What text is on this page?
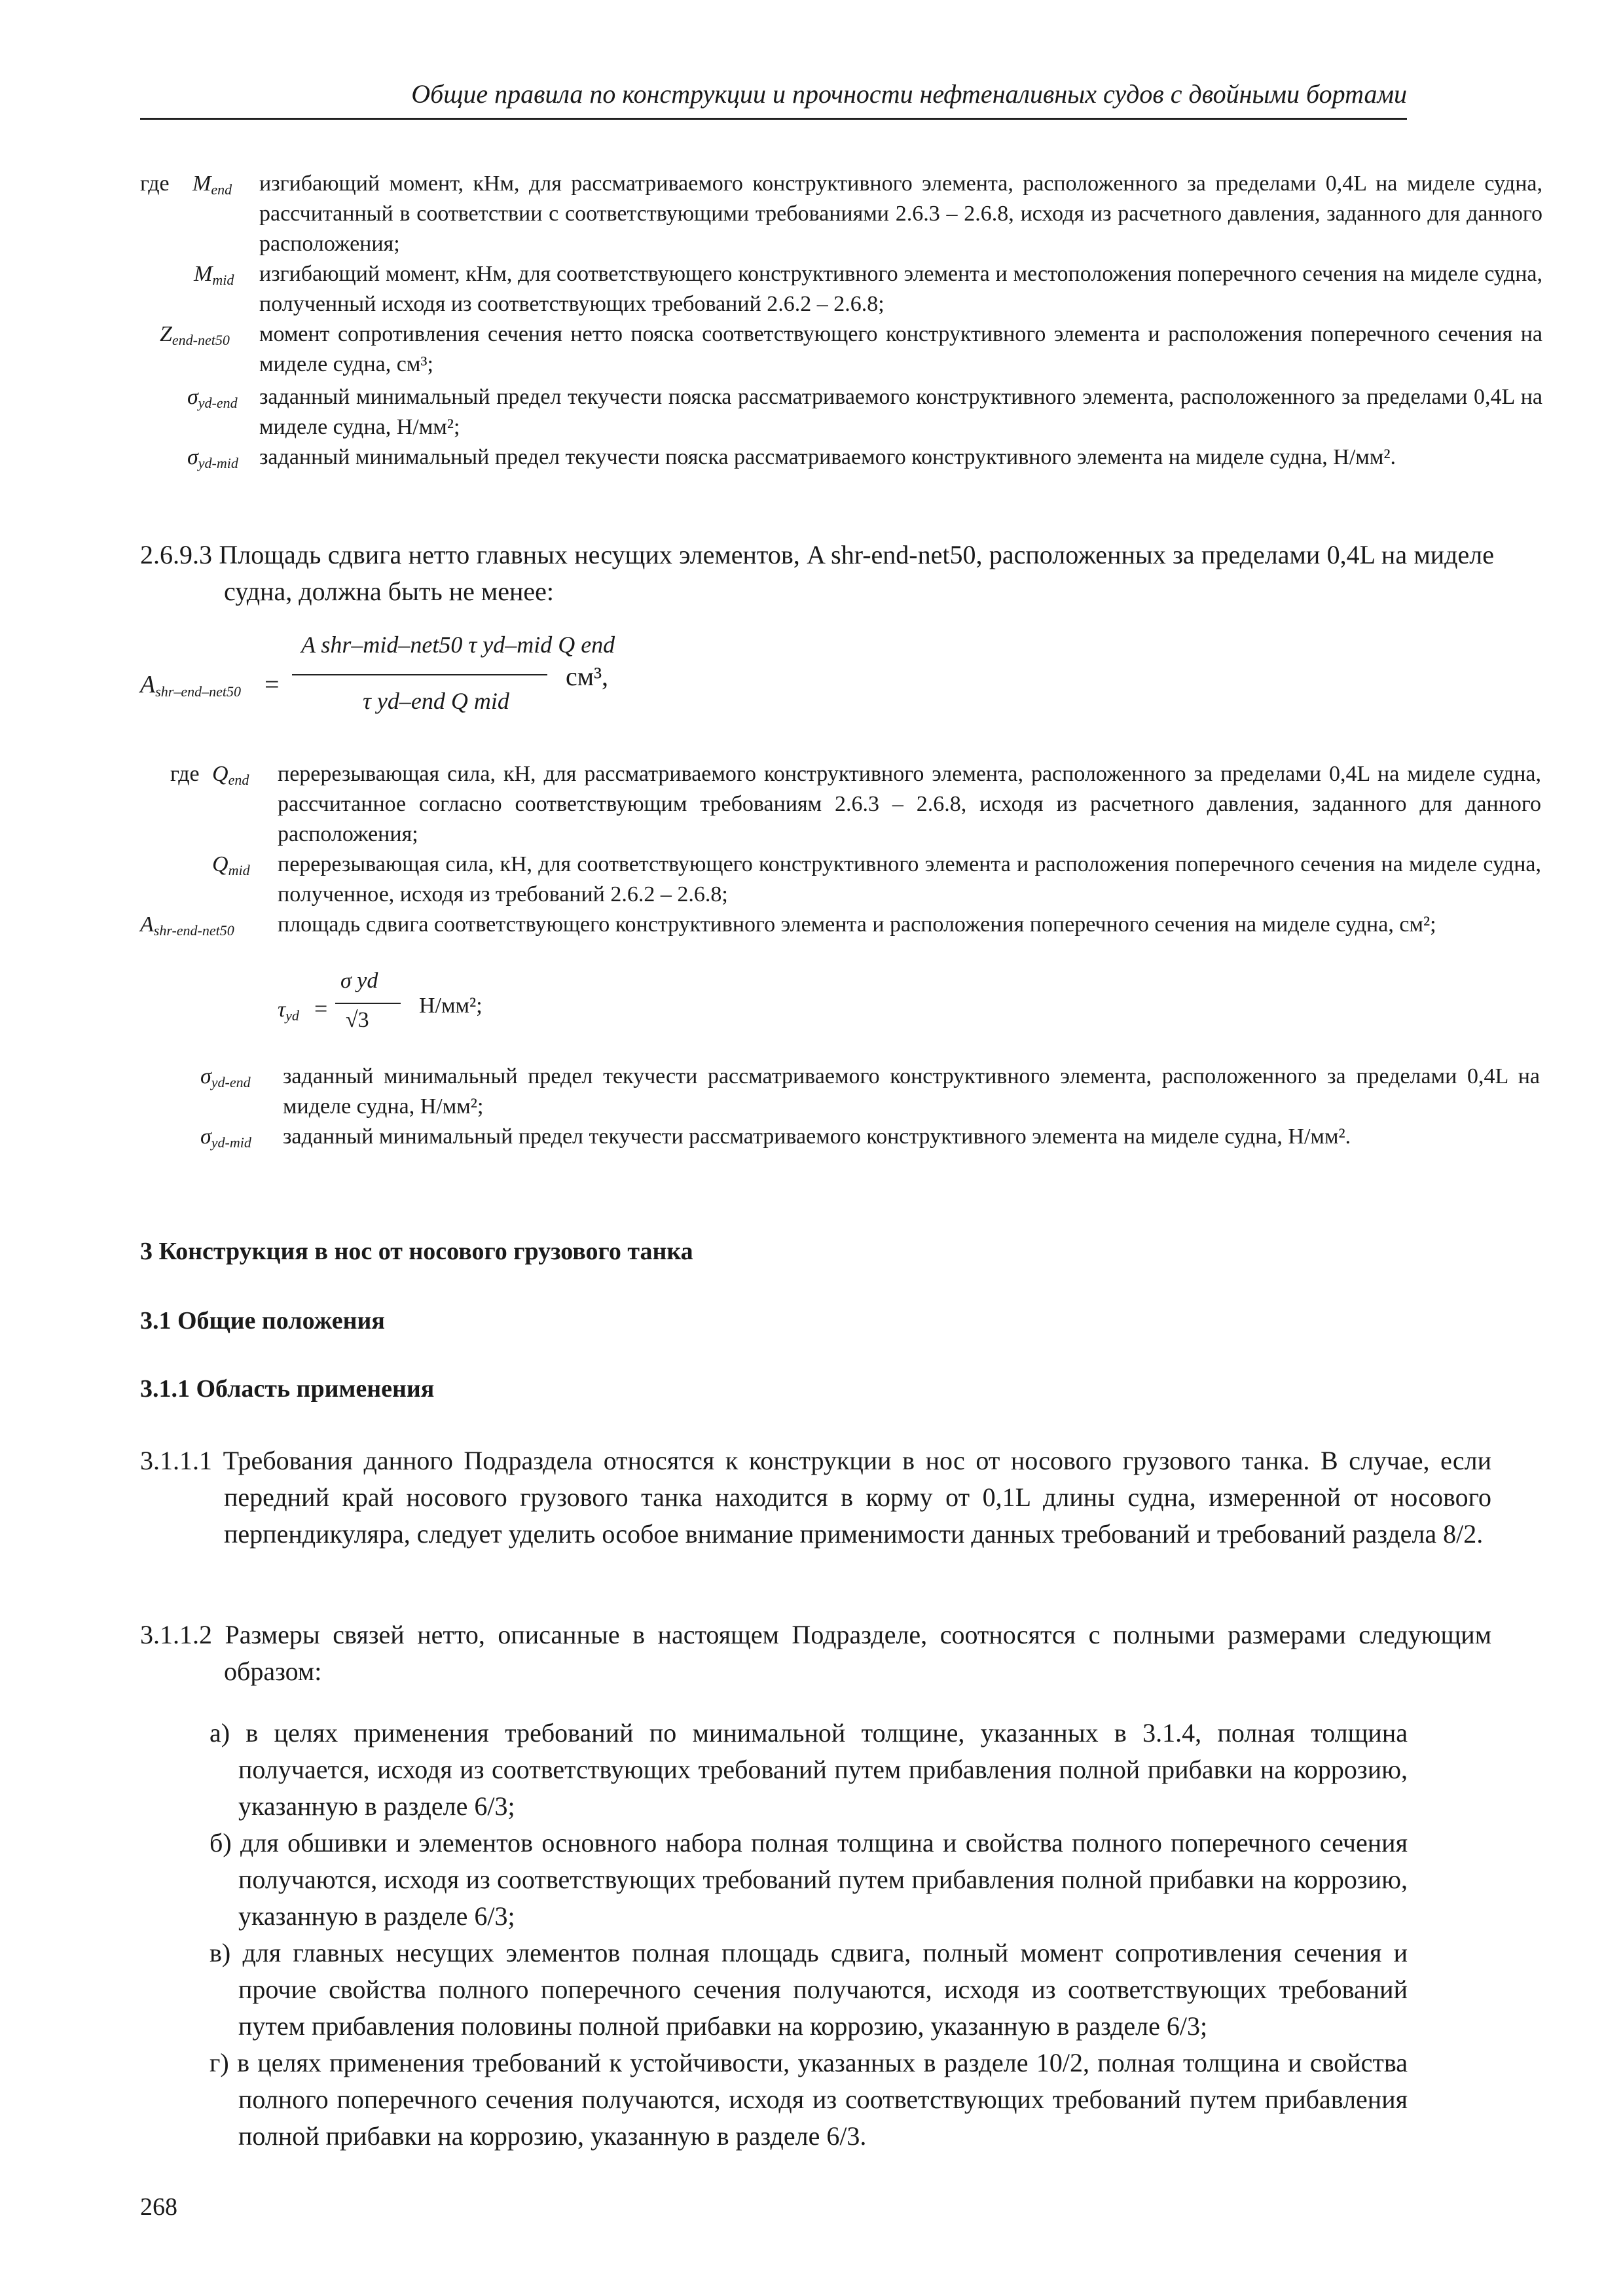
Общие правила по конструкции и прочности нефтеналивных судов с двойными бортами
где $M_{end}$ изгибающий момент, кНм, для рассматриваемого конструктивного элемента, расположенного за пределами 0,4L на миделе судна, рассчитанный в соответствии с соответствующими требованиями 2.6.3 – 2.6.8, исходя из расчетного давления, заданного для данного расположения;
$M_{mid}$ изгибающий момент, кНм, для соответствующего конструктивного элемента и местоположения поперечного сечения на миделе судна, полученный исходя из соответствующих требований 2.6.2 – 2.6.8;
$Z_{end-net50}$ момент сопротивления сечения нетто пояска соответствующего конструктивного элемента и расположения поперечного сечения на миделе судна, см³;
$\sigma_{yd-end}$ заданный минимальный предел текучести пояска рассматриваемого конструктивного элемента, расположенного за пределами 0,4L на миделе судна, Н/мм²;
$\sigma_{yd-mid}$ заданный минимальный предел текучести пояска рассматриваемого конструктивного элемента на миделе судна, Н/мм².
2.6.9.3 Площадь сдвига нетто главных несущих элементов, A shr-end-net50, расположенных за пределами 0,4L на миделе судна, должна быть не менее:
$A_{shr-end-net50}$ =
A shr–mid–net50 τ yd–mid Q end
τ yd–end Q mid
см³,
где $Q_{end}$ перерезывающая сила, кН, для рассматриваемого конструктивного элемента, расположенного за пределами 0,4L на миделе судна, рассчитанное согласно соответствующим требованиям 2.6.3 – 2.6.8, исходя из расчетного давления, заданного для данного расположения;
$Q_{mid}$ перерезывающая сила, кН, для соответствующего конструктивного элемента и расположения поперечного сечения на миделе судна, полученное, исходя из требований 2.6.2 – 2.6.8;
$A_{shr-end-net50}$ площадь сдвига соответствующего конструктивного элемента и расположения поперечного сечения на миделе судна, см²;
$\tau_{yd}$ =
σ yd
√3
Н/мм²;
$\sigma_{yd-end}$ заданный минимальный предел текучести рассматриваемого конструктивного элемента, расположенного за пределами 0,4L на миделе судна, Н/мм²;
$\sigma_{yd-mid}$ заданный минимальный предел текучести рассматриваемого конструктивного элемента на миделе судна, Н/мм².
3 Конструкция в нос от носового грузового танка
3.1 Общие положения
3.1.1 Область применения
3.1.1.1 Требования данного Подраздела относятся к конструкции в нос от носового грузового танка. В случае, если передний край носового грузового танка находится в корму от 0,1L длины судна, измеренной от носового перпендикуляра, следует уделить особое внимание применимости данных требований и требований раздела 8/2.
3.1.1.2 Размеры связей нетто, описанные в настоящем Подразделе, соотносятся с полными размерами следующим образом:
а) в целях применения требований по минимальной толщине, указанных в 3.1.4, полная толщина получается, исходя из соответствующих требований путем прибавления полной прибавки на коррозию, указанную в разделе 6/3;
б) для обшивки и элементов основного набора полная толщина и свойства полного поперечного сечения получаются, исходя из соответствующих требований путем прибавления полной прибавки на коррозию, указанную в разделе 6/3;
в) для главных несущих элементов полная площадь сдвига, полный момент сопротивления сечения и прочие свойства полного поперечного сечения получаются, исходя из соответствующих требований путем прибавления половины полной прибавки на коррозию, указанную в разделе 6/3;
г) в целях применения требований к устойчивости, указанных в разделе 10/2, полная толщина и свойства полного поперечного сечения получаются, исходя из соответствующих требований путем прибавления полной прибавки на коррозию, указанную в разделе 6/3.
268
